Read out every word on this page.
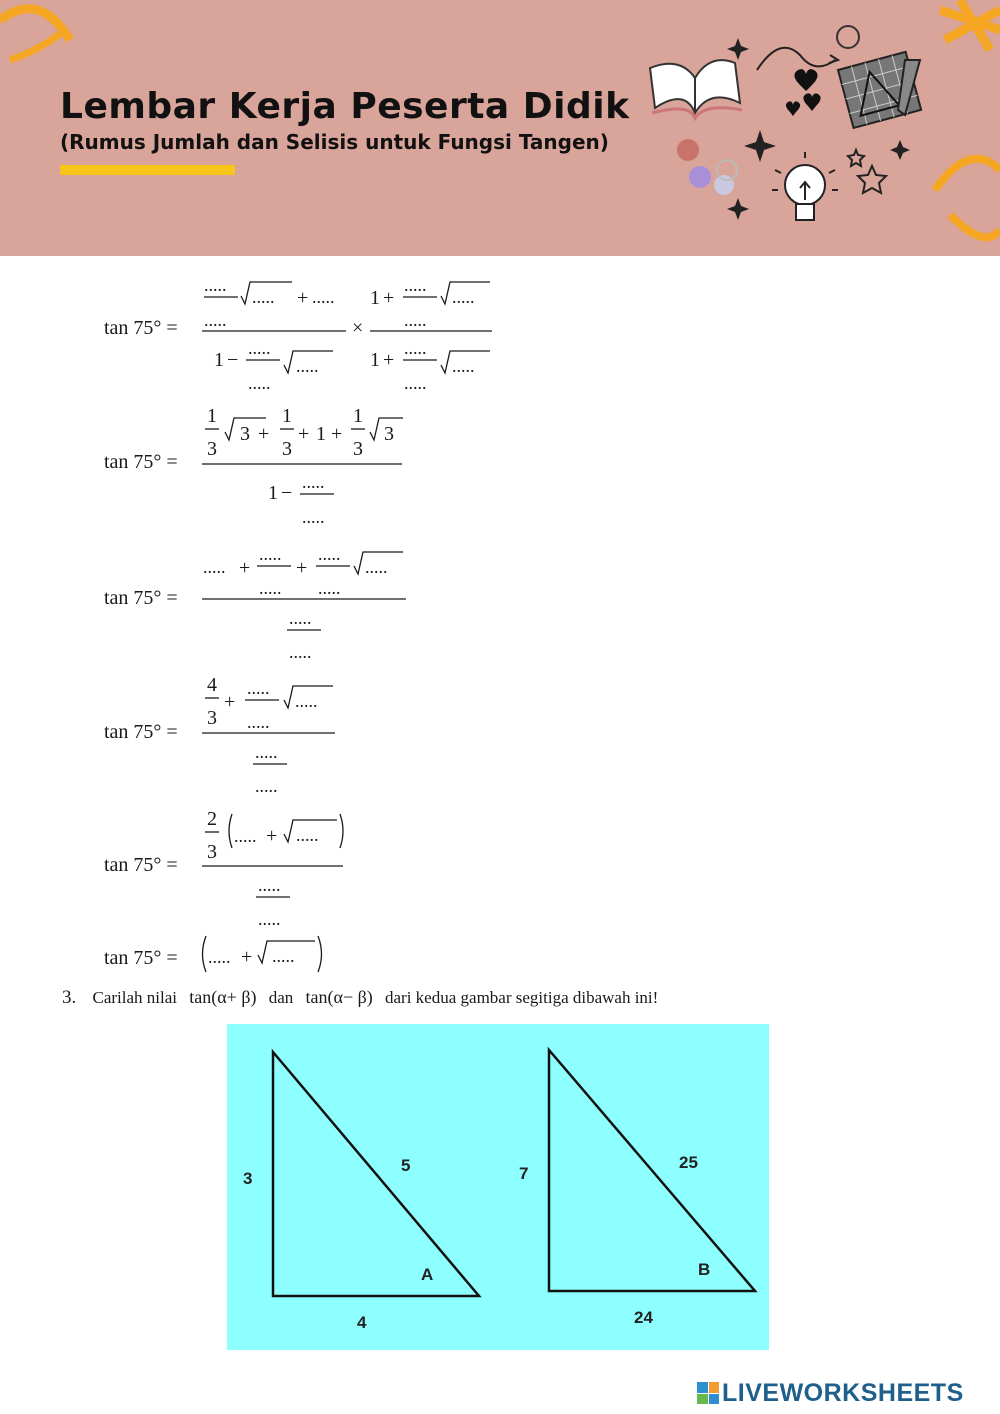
Lembar Kerja Peserta Didik
(Rumus Jumlah dan Selisis untuk Fungsi Tangen)
tan 75° =
.....
.....
..... + .....
1 −
.....
.....
.....
×
1 +
.....
.....
.....
1 +
.....
.....
.....
tan 75° =
1
3
3 +
1
3
+ 1 +
1
3
3
1 − .....
.....
tan 75° =
..... +
.....
.....
+
.....
.....
.....
.....
.....
tan 75° =
4
3
+
.....
.....
.....
.....
.....
tan 75° =
2
3
..... + .....
.....
.....
tan 75° = ..... + .....
3. Carilah nilai tan(α+ β) dan tan(α− β) dari kedua gambar segitiga dibawah ini!
3
5
4
A
7
25
24
B
LIVEWORKSHEETS
